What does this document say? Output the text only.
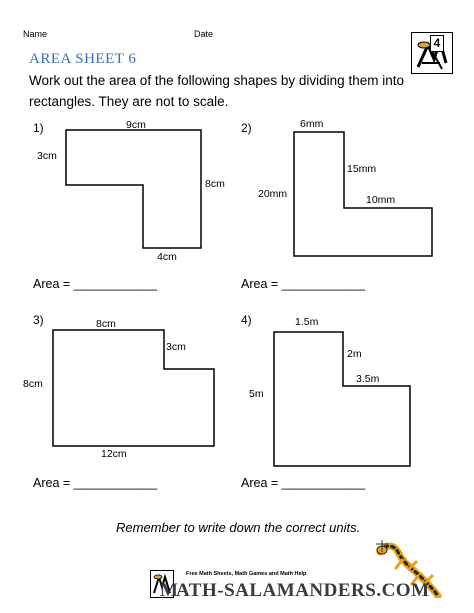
Name	Date
4
AREA SHEET 6
Work out the area of the following shapes by dividing them into
rectangles. They are not to scale.
1)	9cm
3cm
8cm
4cm
Area = ____________
2)	6mm
15mm
20mm	10mm
Area = ____________
3)	8cm
3cm
8cm
12cm
Area = ____________
4)	1.5m
2m
3.5m
5m
Area = ____________
Remember to write down the correct units.
Free Math Sheets, Math Games and Math Help
M
ATH-SALAMANDERS.COM
